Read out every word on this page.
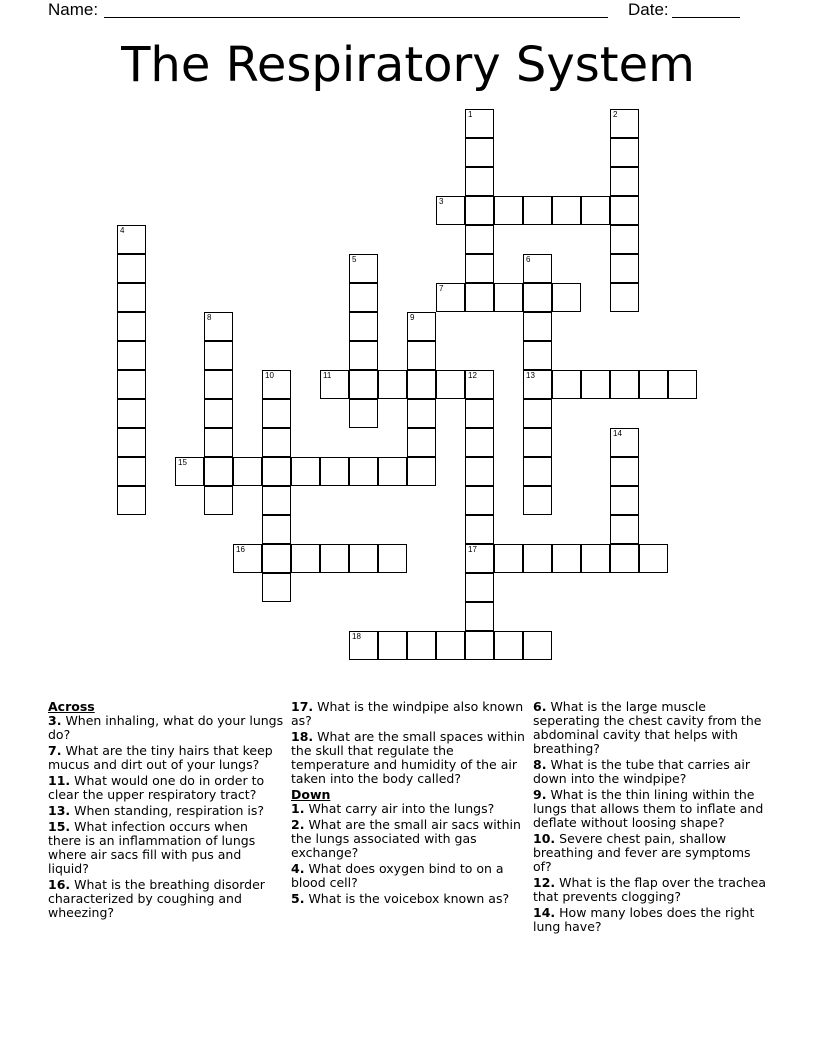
Name:	Date:
The Respiratory System
1	2
3
4
5	6
13
7
8	9
10	11	12
17
14
15
16
18
Across

3. When inhaling, what do your lungs do?

7. What are the tiny hairs that keep mucus and dirt out of your lungs?

11. What would one do in order to clear the upper respiratory tract?

13. When standing, respiration is?

15. What infection occurs when there is an inflammation of lungs where air sacs fill with pus and liquid?

16. What is the breathing disorder characterized by coughing and wheezing?

17. What is the windpipe also known as?

18. What are the small spaces within the skull that regulate the temperature and humidity of the air taken into the body called?

Down

1. What carry air into the lungs?

2. What are the small air sacs within the lungs associated with gas exchange?

4. What does oxygen bind to on a blood cell?

5. What is the voicebox known as?

6. What is the large muscle seperating the chest cavity from the abdominal cavity that helps with breathing?

8. What is the tube that carries air down into the windpipe?

9. What is the thin lining within the lungs that allows them to inflate and deflate without loosing shape?

10. Severe chest pain, shallow breathing and fever are symptoms of?

12. What is the flap over the trachea that prevents clogging?

14. How many lobes does the right lung have?
